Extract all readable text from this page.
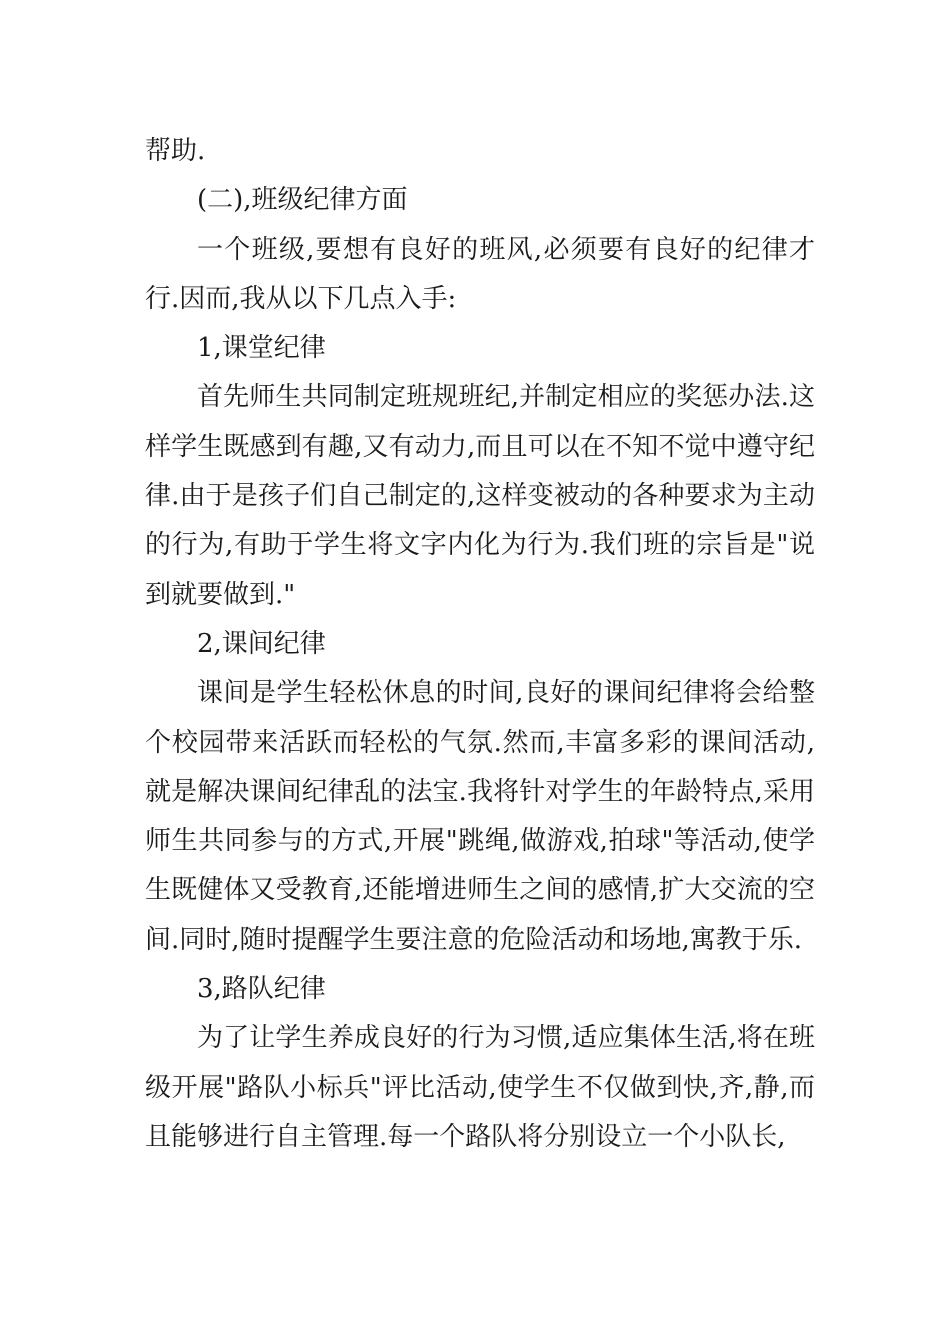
帮助.

(二),班级纪律方面

一个班级,要想有良好的班风,必须要有良好的纪律才行.因而,我从以下几点入手:

1,课堂纪律

首先师生共同制定班规班纪,并制定相应的奖惩办法.这样学生既感到有趣,又有动力,而且可以在不知不觉中遵守纪律.由于是孩子们自己制定的,这样变被动的各种要求为主动的行为,有助于学生将文字内化为行为.我们班的宗旨是"说到就要做到."

2,课间纪律

课间是学生轻松休息的时间,良好的课间纪律将会给整个校园带来活跃而轻松的气氛.然而,丰富多彩的课间活动,就是解决课间纪律乱的法宝.我将针对学生的年龄特点,采用师生共同参与的方式,开展"跳绳,做游戏,拍球"等活动,使学生既健体又受教育,还能增进师生之间的感情,扩大交流的空间.同时,随时提醒学生要注意的危险活动和场地,寓教于乐.

3,路队纪律

为了让学生养成良好的行为习惯,适应集体生活,将在班级开展"路队小标兵"评比活动,使学生不仅做到快,齐,静,而且能够进行自主管理.每一个路队将分别设立一个小队长,
